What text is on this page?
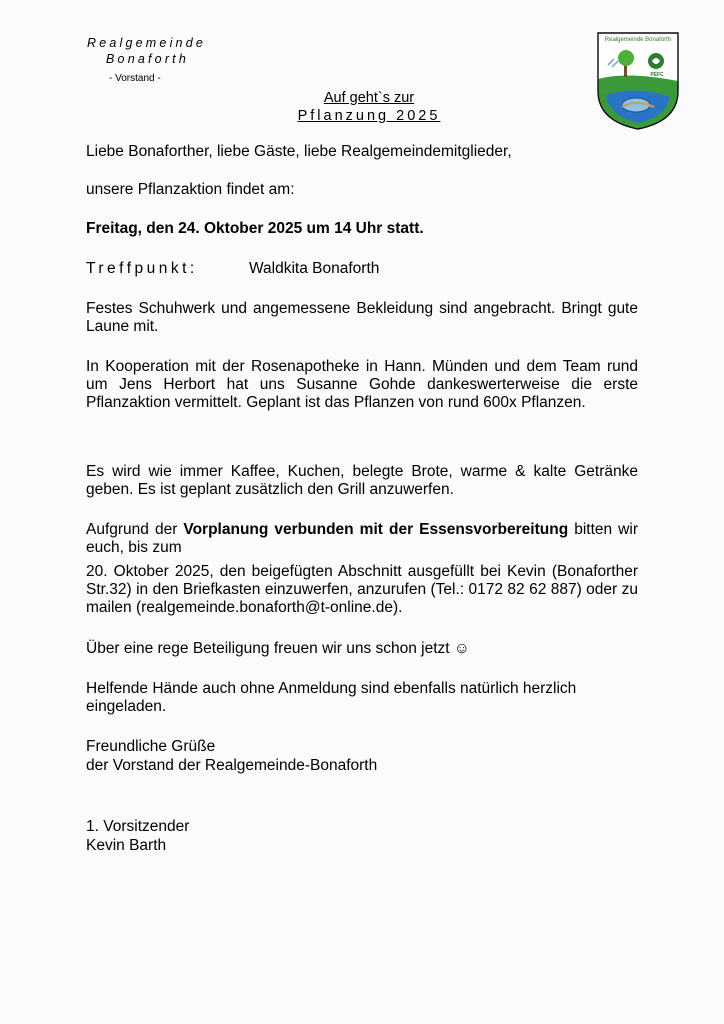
Realgemeinde
Bonaforth
- Vorstand -
Realgemeinde Bonaforth
PEFC
Auf geht`s zur
Pflanzung 2025
Liebe Bonaforther, liebe Gäste, liebe Realgemeindemitglieder,
unsere Pflanzaktion findet am:
Freitag, den 24. Oktober 2025 um 14 Uhr statt.
Treffpunkt:	Waldkita Bonaforth
Festes Schuhwerk und angemessene Bekleidung sind angebracht. Bringt gute Laune mit.
In Kooperation mit der Rosenapotheke in Hann. Münden und dem Team rund um Jens Herbort hat uns Susanne Gohde dankeswerterweise die erste Pflanzaktion vermittelt. Geplant ist das Pflanzen von rund 600x Pflanzen.
Es wird wie immer Kaffee, Kuchen, belegte Brote, warme & kalte Getränke geben. Es ist geplant zusätzlich den Grill anzuwerfen.
Aufgrund der Vorplanung verbunden mit der Essensvorbereitung bitten wir euch, bis zum
20. Oktober 2025, den beigefügten Abschnitt ausgefüllt bei Kevin (Bonaforther Str.32) in den Briefkasten einzuwerfen, anzurufen (Tel.: 0172 82 62 887) oder zu mailen (realgemeinde.bonaforth@t-online.de).
Über eine rege Beteiligung freuen wir uns schon jetzt ☺
Helfende Hände auch ohne Anmeldung sind ebenfalls natürlich herzlich eingeladen.
Freundliche Grüße
der Vorstand der Realgemeinde-Bonaforth
1. Vorsitzender
Kevin Barth
